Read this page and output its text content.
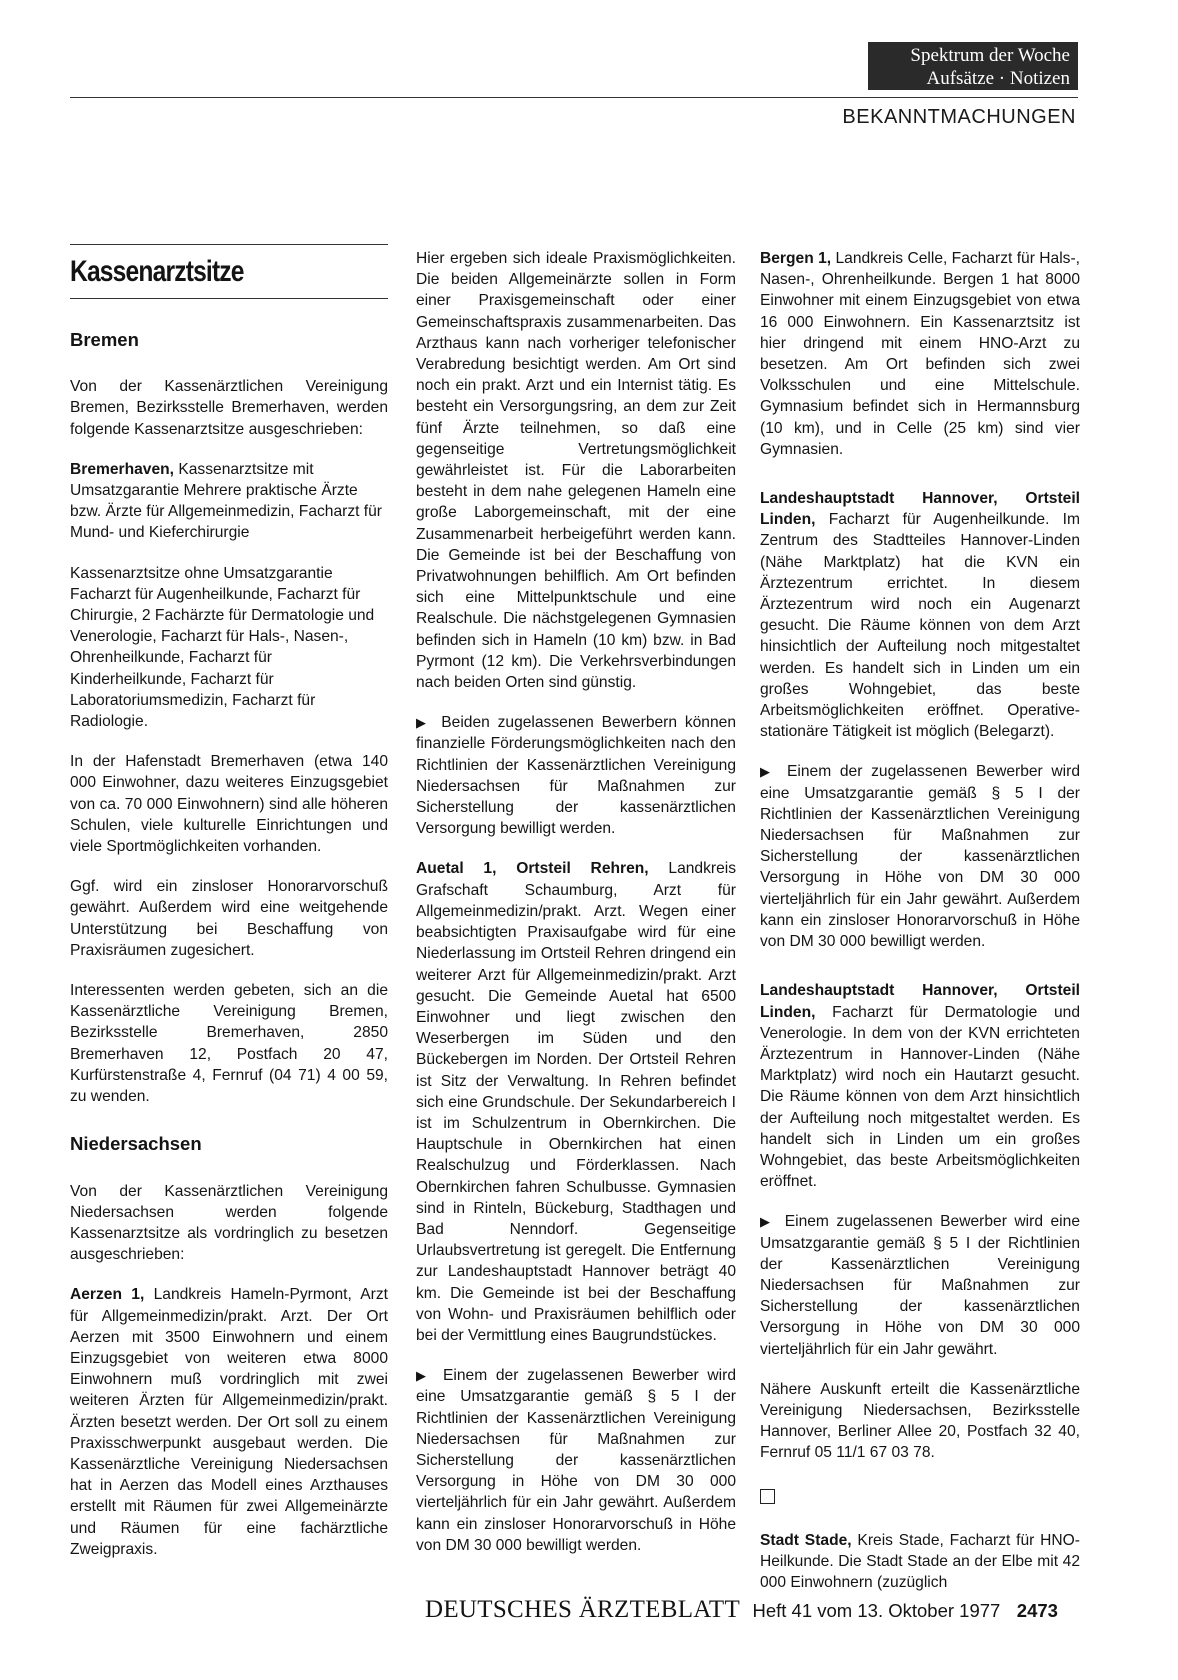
Spektrum der Woche
Aufsätze · Notizen
BEKANNTMACHUNGEN
Kassenarztsitze
Bremen

Von der Kassenärztlichen Vereinigung Bremen, Bezirksstelle Bremerhaven, werden folgende Kassenarztsitze ausgeschrieben:

Bremerhaven, Kassenarztsitze mit Umsatzgarantie Mehrere praktische Ärzte bzw. Ärzte für Allgemeinmedizin, Facharzt für Mund- und Kieferchirurgie

Kassenarztsitze ohne Umsatzgarantie Facharzt für Augenheilkunde, Facharzt für Chirurgie, 2 Fachärzte für Dermatologie und Venerologie, Facharzt für Hals-, Nasen-, Ohrenheilkunde, Facharzt für Kinderheilkunde, Facharzt für Laboratoriumsmedizin, Facharzt für Radiologie.

In der Hafenstadt Bremerhaven (etwa 140 000 Einwohner, dazu weiteres Einzugsgebiet von ca. 70 000 Einwohnern) sind alle höheren Schulen, viele kulturelle Einrichtungen und viele Sportmöglichkeiten vorhanden.

Ggf. wird ein zinsloser Honorarvorschuß gewährt. Außerdem wird eine weitgehende Unterstützung bei Beschaffung von Praxisräumen zugesichert.

Interessenten werden gebeten, sich an die Kassenärztliche Vereinigung Bremen, Bezirksstelle Bremerhaven, 2850 Bremerhaven 12, Postfach 20 47, Kurfürstenstraße 4, Fernruf (04 71) 4 00 59, zu wenden.

Niedersachsen

Von der Kassenärztlichen Vereinigung Niedersachsen werden folgende Kassenarztsitze als vordringlich zu besetzen ausgeschrieben:

Aerzen 1, Landkreis Hameln-Pyrmont, Arzt für Allgemeinmedizin/prakt. Arzt. Der Ort Aerzen mit 3500 Einwohnern und einem Einzugsgebiet von weiteren etwa 8000 Einwohnern muß vordringlich mit zwei weiteren Ärzten für Allgemeinmedizin/prakt. Ärzten besetzt werden. Der Ort soll zu einem Praxisschwerpunkt ausgebaut werden. Die Kassenärztliche Vereinigung Niedersachsen hat in Aerzen das Modell eines Arzthauses erstellt mit Räumen für zwei Allgemeinärzte und Räumen für eine fachärztliche Zweigpraxis.

Hier ergeben sich ideale Praxismöglichkeiten. Die beiden Allgemeinärzte sollen in Form einer Praxisgemeinschaft oder einer Gemeinschaftspraxis zusammenarbeiten. Das Arzthaus kann nach vorheriger telefonischer Verabredung besichtigt werden. Am Ort sind noch ein prakt. Arzt und ein Internist tätig. Es besteht ein Versorgungsring, an dem zur Zeit fünf Ärzte teilnehmen, so daß eine gegenseitige Vertretungsmöglichkeit gewährleistet ist. Für die Laborarbeiten besteht in dem nahe gelegenen Hameln eine große Laborgemeinschaft, mit der eine Zusammenarbeit herbeigeführt werden kann. Die Gemeinde ist bei der Beschaffung von Privatwohnungen behilflich. Am Ort befinden sich eine Mittelpunktschule und eine Realschule. Die nächstgelegenen Gymnasien befinden sich in Hameln (10 km) bzw. in Bad Pyrmont (12 km). Die Verkehrsverbindungen nach beiden Orten sind günstig.

▶ Beiden zugelassenen Bewerbern können finanzielle Förderungsmöglichkeiten nach den Richtlinien der Kassenärztlichen Vereinigung Niedersachsen für Maßnahmen zur Sicherstellung der kassenärztlichen Versorgung bewilligt werden.

Auetal 1, Ortsteil Rehren, Landkreis Grafschaft Schaumburg, Arzt für Allgemeinmedizin/prakt. Arzt. Wegen einer beabsichtigten Praxisaufgabe wird für eine Niederlassung im Ortsteil Rehren dringend ein weiterer Arzt für Allgemeinmedizin/prakt. Arzt gesucht. Die Gemeinde Auetal hat 6500 Einwohner und liegt zwischen den Weserbergen im Süden und den Bückebergen im Norden. Der Ortsteil Rehren ist Sitz der Verwaltung. In Rehren befindet sich eine Grundschule. Der Sekundarbereich I ist im Schulzentrum in Obernkirchen. Die Hauptschule in Obernkirchen hat einen Realschulzug und Förderklassen. Nach Obernkirchen fahren Schulbusse. Gymnasien sind in Rinteln, Bückeburg, Stadthagen und Bad Nenndorf. Gegenseitige Urlaubsvertretung ist geregelt. Die Entfernung zur Landeshauptstadt Hannover beträgt 40 km. Die Gemeinde ist bei der Beschaffung von Wohn- und Praxisräumen behilflich oder bei der Vermittlung eines Baugrundstückes.

▶ Einem der zugelassenen Bewerber wird eine Umsatzgarantie gemäß § 5 I der Richtlinien der Kassenärztlichen Vereinigung Niedersachsen für Maßnahmen zur Sicherstellung der kassenärztlichen Versorgung in Höhe von DM 30 000 vierteljährlich für ein Jahr gewährt. Außerdem kann ein zinsloser Honorarvorschuß in Höhe von DM 30 000 bewilligt werden.

Bergen 1, Landkreis Celle, Facharzt für Hals-, Nasen-, Ohrenheilkunde. Bergen 1 hat 8000 Einwohner mit einem Einzugsgebiet von etwa 16 000 Einwohnern. Ein Kassenarztsitz ist hier dringend mit einem HNO-Arzt zu besetzen. Am Ort befinden sich zwei Volksschulen und eine Mittelschule. Gymnasium befindet sich in Hermannsburg (10 km), und in Celle (25 km) sind vier Gymnasien.

Landeshauptstadt Hannover, Ortsteil Linden, Facharzt für Augenheilkunde. Im Zentrum des Stadtteiles Hannover-Linden (Nähe Marktplatz) hat die KVN ein Ärztezentrum errichtet. In diesem Ärztezentrum wird noch ein Augenarzt gesucht. Die Räume können von dem Arzt hinsichtlich der Aufteilung noch mitgestaltet werden. Es handelt sich in Linden um ein großes Wohngebiet, das beste Arbeitsmöglichkeiten eröffnet. Operative-stationäre Tätigkeit ist möglich (Belegarzt).

▶ Einem der zugelassenen Bewerber wird eine Umsatzgarantie gemäß § 5 I der Richtlinien der Kassenärztlichen Vereinigung Niedersachsen für Maßnahmen zur Sicherstellung der kassenärztlichen Versorgung in Höhe von DM 30 000 vierteljährlich für ein Jahr gewährt. Außerdem kann ein zinsloser Honorarvorschuß in Höhe von DM 30 000 bewilligt werden.

Landeshauptstadt Hannover, Ortsteil Linden, Facharzt für Dermatologie und Venerologie. In dem von der KVN errichteten Ärztezentrum in Hannover-Linden (Nähe Marktplatz) wird noch ein Hautarzt gesucht. Die Räume können von dem Arzt hinsichtlich der Aufteilung noch mitgestaltet werden. Es handelt sich in Linden um ein großes Wohngebiet, das beste Arbeitsmöglichkeiten eröffnet.

▶ Einem zugelassenen Bewerber wird eine Umsatzgarantie gemäß § 5 I der Richtlinien der Kassenärztlichen Vereinigung Niedersachsen für Maßnahmen zur Sicherstellung der kassenärztlichen Versorgung in Höhe von DM 30 000 vierteljährlich für ein Jahr gewährt.

Nähere Auskunft erteilt die Kassenärztliche Vereinigung Niedersachsen, Bezirksstelle Hannover, Berliner Allee 20, Postfach 32 40, Fernruf 05 11/1 67 03 78.

Stadt Stade, Kreis Stade, Facharzt für HNO-Heilkunde. Die Stadt Stade an der Elbe mit 42 000 Einwohnern (zuzüglich

DEUTSCHES ÄRZTEBLATT Heft 41 vom 13. Oktober 1977 2473
